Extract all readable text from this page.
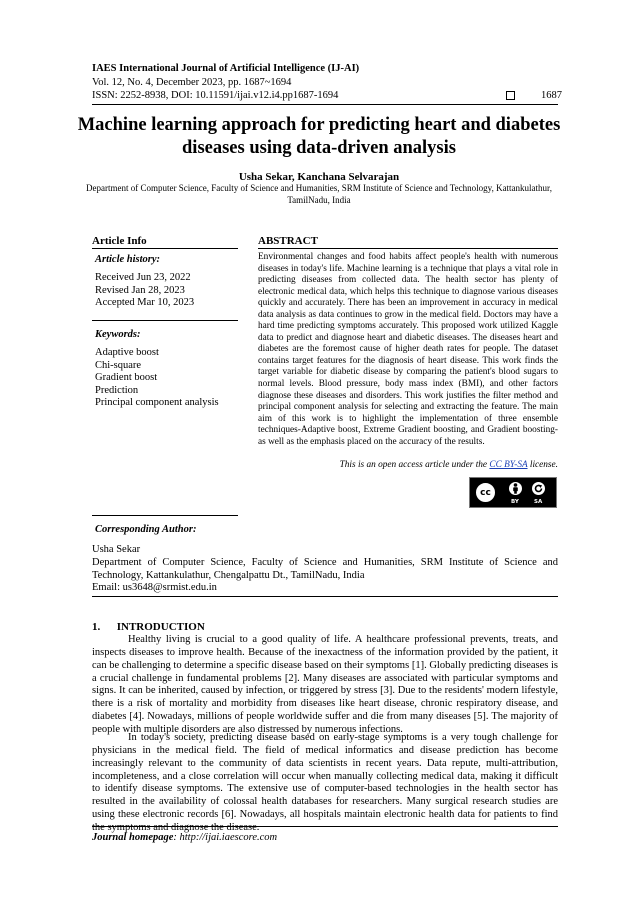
IAES International Journal of Artificial Intelligence (IJ-AI)
Vol. 12, No. 4, December 2023, pp. 1687~1694
ISSN: 2252-8938, DOI: 10.11591/ijai.v12.i4.pp1687-1694	1687
Machine learning approach for predicting heart and diabetes diseases using data-driven analysis
Usha Sekar, Kanchana Selvarajan
Department of Computer Science, Faculty of Science and Humanities, SRM Institute of Science and Technology, Kattankulathur, TamilNadu, India
Article Info	ABSTRACT
Article history:
Received Jun 23, 2022
Revised Jan 28, 2023
Accepted Mar 10, 2023
Keywords:
Adaptive boost
Chi-square
Gradient boost
Prediction
Principal component analysis
Environmental changes and food habits affect people's health with numerous diseases in today's life. Machine learning is a technique that plays a vital role in predicting diseases from collected data. The health sector has plenty of electronic medical data, which helps this technique to diagnose various diseases quickly and accurately. There has been an improvement in accuracy in medical data analysis as data continues to grow in the medical field. Doctors may have a hard time predicting symptoms accurately. This proposed work utilized Kaggle data to predict and diagnose heart and diabetic diseases. The diseases heart and diabetes are the foremost cause of higher death rates for people. The dataset contains target features for the diagnosis of heart disease. This work finds the target variable for diabetic disease by comparing the patient's blood sugars to normal levels. Blood pressure, body mass index (BMI), and other factors diagnose these diseases and disorders. This work justifies the filter method and principal component analysis for selecting and extracting the feature. The main aim of this work is to highlight the implementation of three ensemble techniques-Adaptive boost, Extreme Gradient boosting, and Gradient boosting-as well as the emphasis placed on the accuracy of the results.
This is an open access article under the CC BY-SA license.
cc
BY	SA
Corresponding Author:
Usha Sekar
Department of Computer Science, Faculty of Science and Humanities, SRM Institute of Science and Technology, Kattankulathur, Chengalpattu Dt., TamilNadu, India
Email: us3648@srmist.edu.in
1.      INTRODUCTION
Healthy living is crucial to a good quality of life. A healthcare professional prevents, treats, and inspects diseases to improve health. Because of the inexactness of the information provided by the patient, it can be challenging to determine a specific disease based on their symptoms [1]. Globally predicting diseases is a crucial challenge in fundamental problems [2]. Many diseases are associated with particular symptoms and signs. It can be inherited, caused by infection, or triggered by stress [3]. Due to the residents' modern lifestyle, there is a risk of mortality and morbidity from diseases like heart disease, chronic respiratory disease, and diabetes [4]. Nowadays, millions of people worldwide suffer and die from many diseases [5]. The majority of people with multiple disorders are also distressed by numerous infections.
In today's society, predicting disease based on early-stage symptoms is a very tough challenge for physicians in the medical field. The field of medical informatics and disease prediction has become increasingly relevant to the community of data scientists in recent years. Data repute, multi-attribution, incompleteness, and a close correlation will occur when manually collecting medical data, making it difficult to identify disease symptoms. The extensive use of computer-based technologies in the health sector has resulted in the availability of colossal health databases for researchers. Many surgical research studies are using these electronic records [6]. Nowadays, all hospitals maintain electronic health data for patients to find the symptoms and diagnose the disease.
Journal homepage: http://ijai.iaescore.com
